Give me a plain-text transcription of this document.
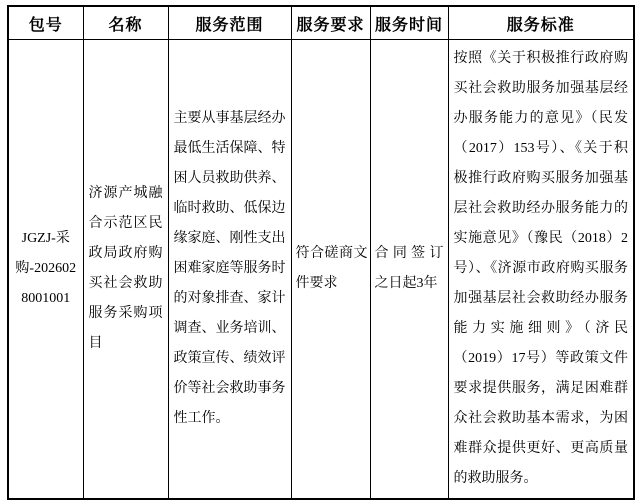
包号	名称	服务范围	服务要求	服务时间	服务标准
JGZJ-采购-2026028001001	济源产城融合示范区民政局政府购买社会救助服务采购项目	主要从事基层经办最低生活保障、特困人员救助供养、临时救助、低保边缘家庭、刚性支出困难家庭等服务时的对象排查、家计调查、业务培训、政策宣传、绩效评价等社会救助事务性工作。	符合磋商文件要求	合同签订之日起3年	按照《关于积极推行政府购买社会救助服务加强基层经办服务能力的意见》（民发（2017）153号）、《关于积极推行政府购买服务加强基层社会救助经办服务能力的实施意见》（豫民（2018）2号）、《济源市政府购买服务加强基层社会救助经办服务能力实施细则》（济民（2019）17号）等政策文件要求提供服务，满足困难群众社会救助基本需求，为困难群众提供更好、更高质量的救助服务。
